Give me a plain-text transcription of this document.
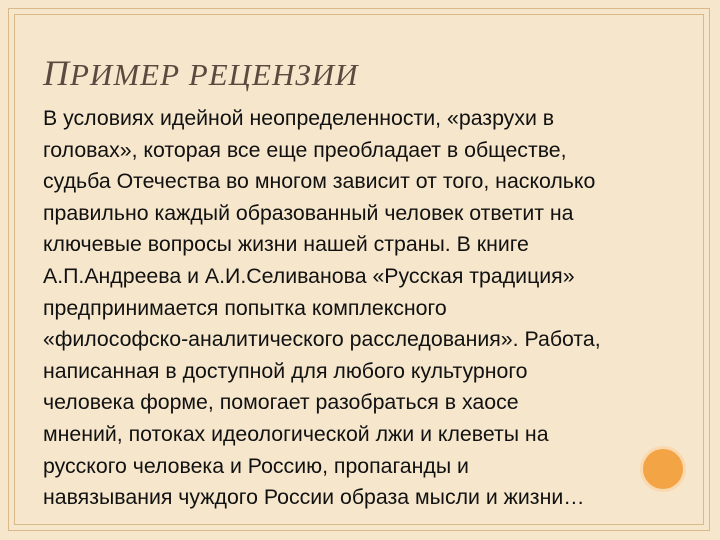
ПРИМЕР РЕЦЕНЗИИ

В условиях идейной неопределенности, «разрухи в
головах», которая все еще преобладает в обществе,
судьба Отечества во многом зависит от того, насколько
правильно каждый образованный человек ответит на
ключевые вопросы жизни нашей страны. В книге
А.П.Андреева и А.И.Селиванова «Русская традиция»
предпринимается попытка комплексного
«философско-аналитического расследования». Работа,
написанная в доступной для любого культурного
человека форме, помогает разобраться в хаосе
мнений, потоках идеологической лжи и клеветы на
русского человека и Россию, пропаганды и
навязывания чуждого России образа мысли и жизни…
